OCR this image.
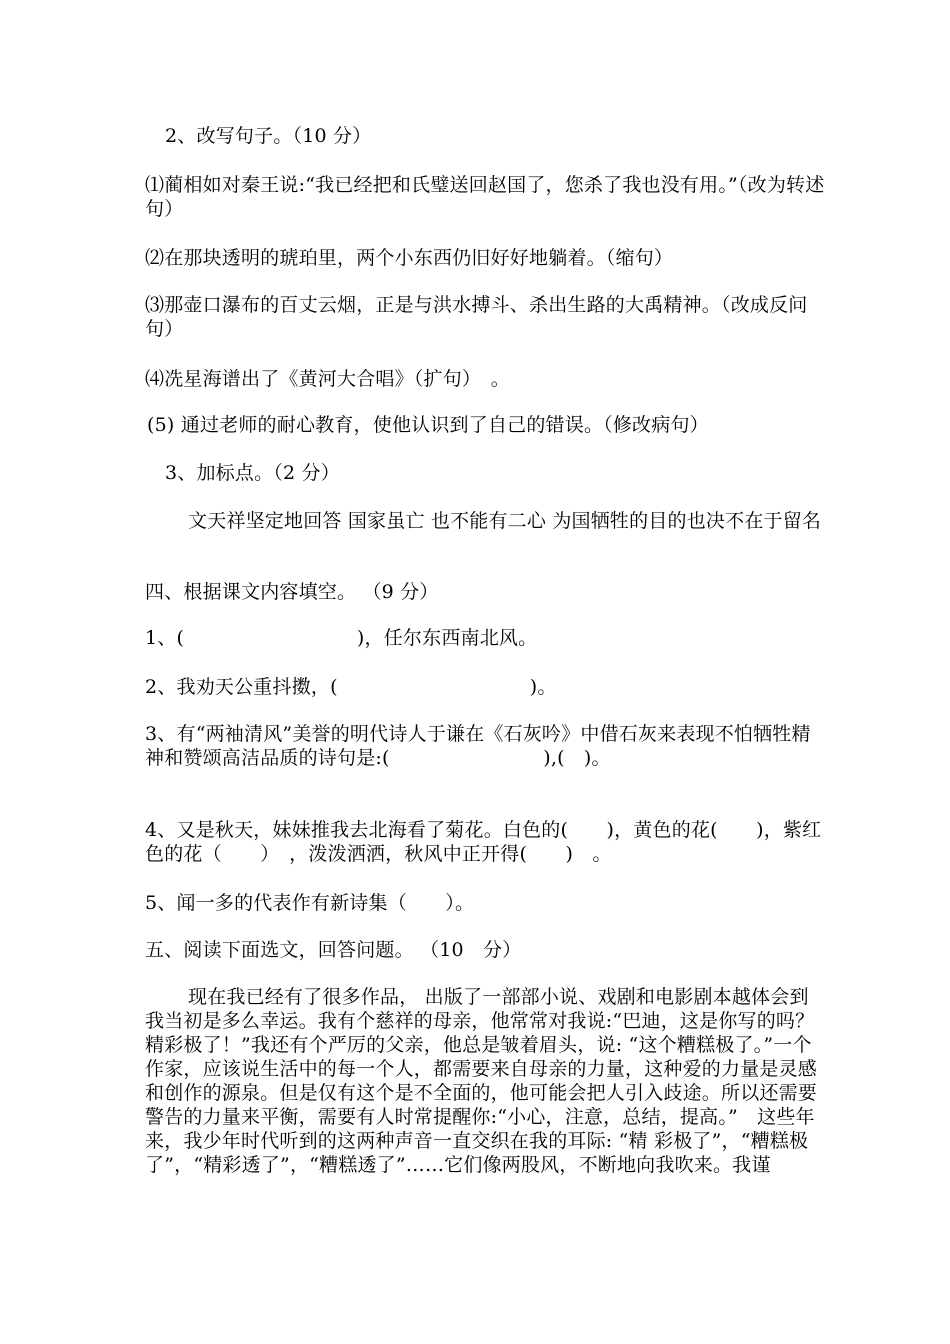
2、改写句子。（10 分）
⑴蔺相如对秦王说:“我已经把和氏璧送回赵国了，您杀了我也没有用。”（改为转述句）
⑵在那块透明的琥珀里，两个小东西仍旧好好地躺着。（缩句）
⑶那壶口瀑布的百丈云烟，正是与洪水搏斗、杀出生路的大禹精神。（改成反问句）
⑷冼星海谱出了《黄河大合唱》（扩句）　。
(5) 通过老师的耐心教育，使他认识到了自己的错误。（修改病句）
3、加标点。（2 分）
文天祥坚定地回答 国家虽亡 也不能有二心 为国牺牲的目的也决不在于留名
四、根据课文内容填空。 （9 分）
1、(　　　　　　　　　)，任尔东西南北风。
2、我劝天公重抖擞，(　　　　　　　　　　)。
3、有“两袖清风”美誉的明代诗人于谦在《石灰吟》中借石灰来表现不怕牺牲精神和赞颂高洁品质的诗句是:(　　　　　　　　),(　)。
4、又是秋天，妹妹推我去北海看了菊花。白色的(　　)，黄色的花(　　)，紫红色的花（　　）　，泼泼洒洒，秋风中正开得(　　)　。
5、闻一多的代表作有新诗集（　　）。
五、阅读下面选文，回答问题。 （10　分）
现在我已经有了很多作品， 出版了一部部小说、戏剧和电影剧本越体会到我当初是多么幸运。我有个慈祥的母亲，他常常对我说:“巴迪，这是你写的吗？精彩极了！”我还有个严厉的父亲，他总是皱着眉头，说: “这个糟糕极了。”一个作家，应该说生活中的每一个人，都需要来自母亲的力量，这种爱的力量是灵感和创作的源泉。但是仅有这个是不全面的，他可能会把人引入歧途。所以还需要警告的力量来平衡，需要有人时常提醒你:“小心，注意，总结，提高。”　这些年来，我少年时代听到的这两种声音一直交织在我的耳际: “精 彩极了”，“糟糕极了”，“精彩透了”，“糟糕透了”……它们像两股风，不断地向我吹来。我谨
